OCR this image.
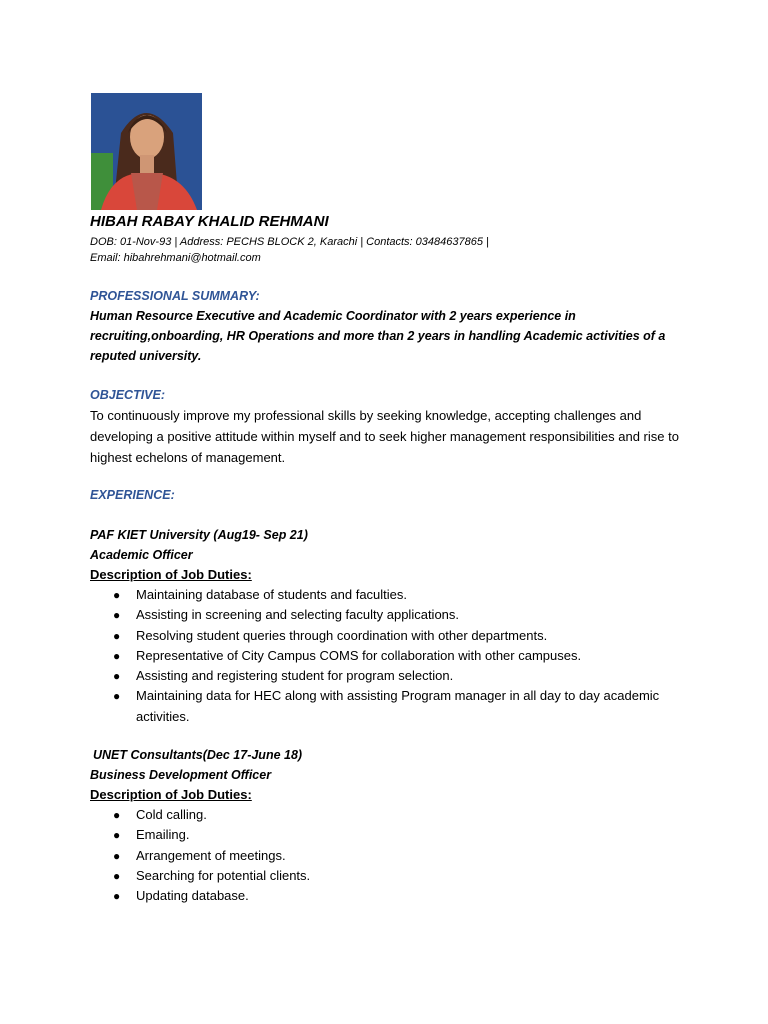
HIBAH RABAY KHALID REHMANI
DOB: 01-Nov-93 | Address: PECHS BLOCK 2, Karachi | Contacts: 03484637865 |
Email: hibahrehmani@hotmail.com
PROFESSIONAL SUMMARY:
Human Resource Executive and Academic Coordinator with 2 years experience in recruiting,onboarding, HR Operations and more than 2 years in handling Academic activities of a reputed university.
OBJECTIVE:
To continuously improve my professional skills by seeking knowledge, accepting challenges and developing a positive attitude within myself and to seek higher management responsibilities and rise to highest echelons of management.
EXPERIENCE:
PAF KIET University (Aug19- Sep 21)
Academic Officer
Description of Job Duties:
● Maintaining database of students and faculties.
● Assisting in screening and selecting faculty applications.
● Resolving student queries through coordination with other departments.
● Representative of City Campus COMS for collaboration with other campuses.
● Assisting and registering student for program selection.
● Maintaining data for HEC along with assisting Program manager in all day to day academic activities.
UNET Consultants(Dec 17-June 18)
Business Development Officer
Description of Job Duties:
● Cold calling.
● Emailing.
● Arrangement of meetings.
● Searching for potential clients.
● Updating database.
